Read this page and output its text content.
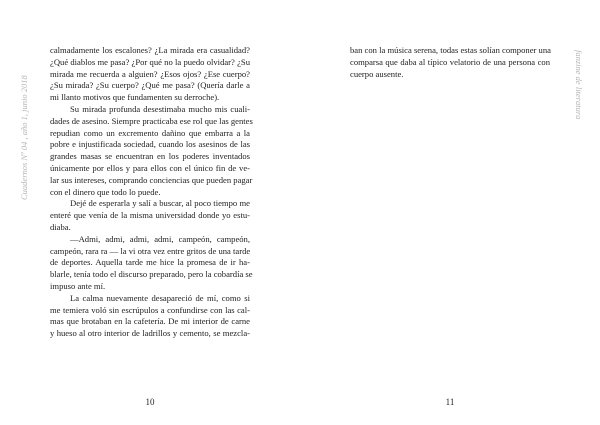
Cuadernos Nº 04 , año 1, junio 2018
calmadamente los escalones? ¿La mirada era casualidad?
¿Qué diablos me pasa? ¿Por qué no la puedo olvidar? ¿Su
mirada me recuerda a alguien? ¿Esos ojos? ¿Ese cuerpo?
¿Su mirada? ¿Su cuerpo? ¿Qué me pasa? (Quería darle a
mi llanto motivos que fundamenten su derroche).
Su mirada profunda desestimaba mucho mis cuali-
dades de asesino. Siempre practicaba ese rol que las gentes
repudian como un excremento dañino que embarra a la
pobre e injustificada sociedad, cuando los asesinos de las
grandes masas se encuentran en los poderes inventados
únicamente por ellos y para ellos con el único fin de ve-
lar sus intereses, comprando conciencias que pueden pagar
con el dinero que todo lo puede.
Dejé de esperarla y salí a buscar, al poco tiempo me
enteré que venía de la misma universidad donde yo estu-
diaba.
—Admi, admi, admi, admi, campeón, campeón,
campeón, rara ra — la vi otra vez entre gritos de una tarde
de deportes. Aquella tarde me hice la promesa de ir ha-
blarle, tenía todo el discurso preparado, pero la cobardía se
impuso ante mí.
La calma nuevamente desapareció de mí, como si
me temiera voló sin escrúpulos a confundirse con las cal-
mas que brotaban en la cafetería. De mi interior de carne
y hueso al otro interior de ladrillos y cemento, se mezcla-
10
ban con la música serena, todas estas solían componer una
comparsa que daba al típico velatorio de una persona con
cuerpo ausente.	fanzine de literatura
11
